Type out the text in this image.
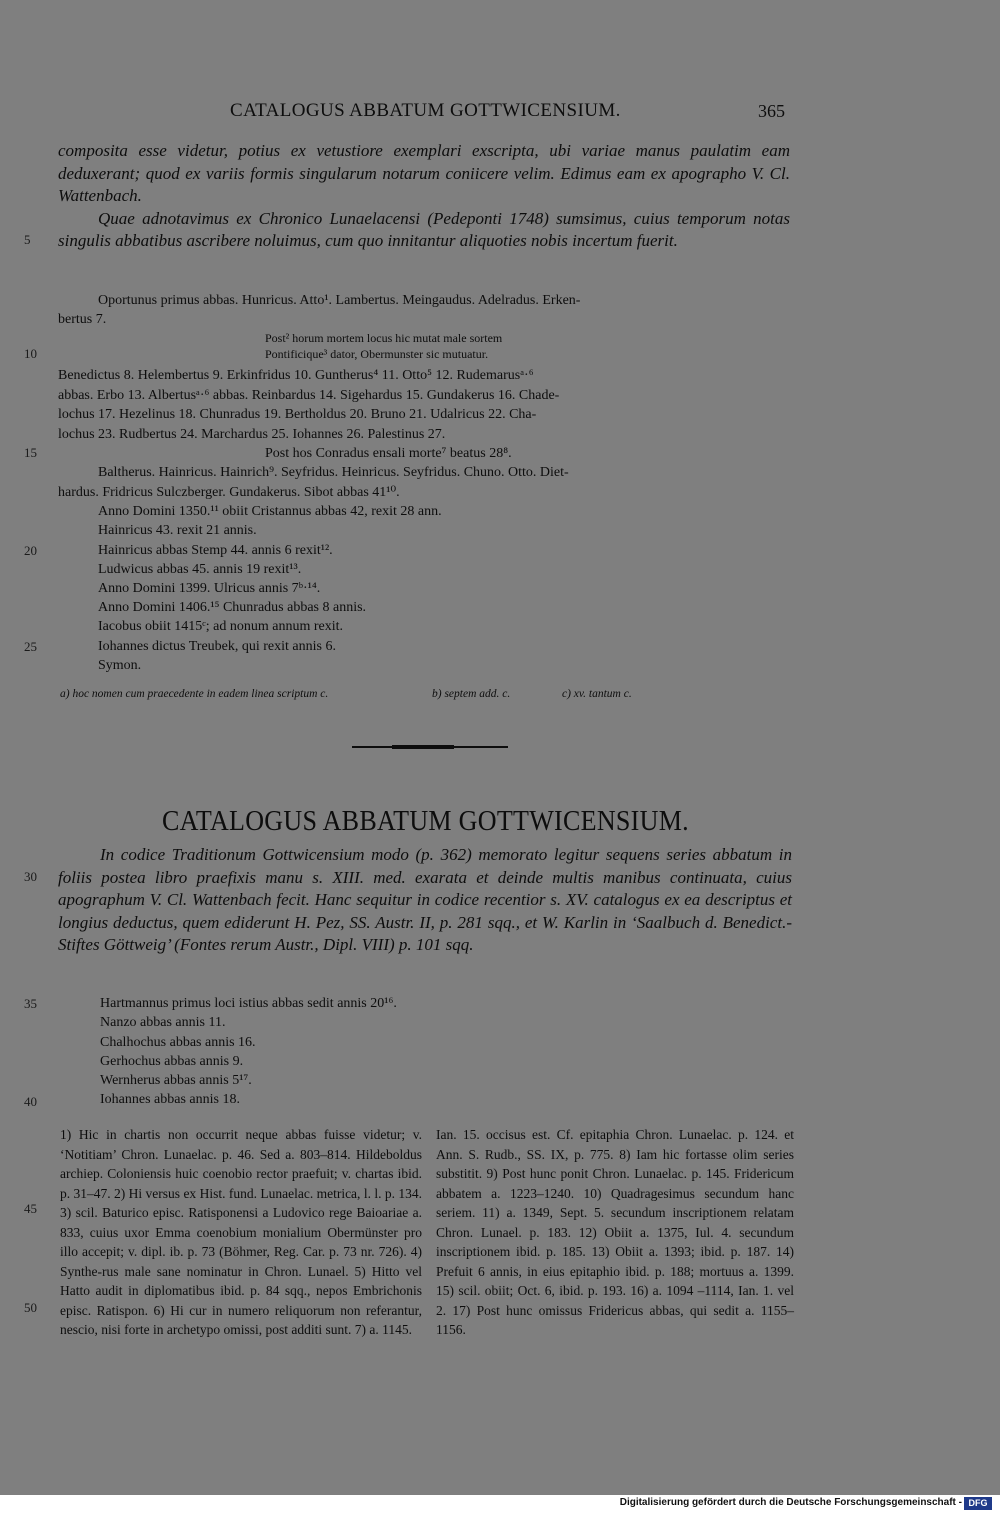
CATALOGUS ABBATUM GOTTWICENSIUM.	365

composita esse videtur, potius ex vetustiore exemplari exscripta, ubi variae manus paulatim eam deduxerant; quod ex variis formis singularum notarum coniicere velim. Edimus eam ex apographo V. Cl. Wattenbach.

Quae adnotavimus ex Chronico Lunaelacensi (Pedeponti 1748) sumsimus, cuius temporum notas singulis abbatibus ascribere noluimus, cum quo innitantur aliquoties nobis incertum fuerit.

5
10
15
20
25
30
35
40
45
50
Oportunus primus abbas. Hunricus. Atto¹. Lambertus. Meingaudus. Adelradus. Erken-
bertus 7.
Post² horum mortem locus hic mutat male sortem
Pontificique³ dator, Obermunster sic mutuatur.
Benedictus 8. Helembertus 9. Erkinfridus 10. Guntherus⁴ 11. Otto⁵ 12. Rudemarusᵃ·⁶
abbas. Erbo 13. Albertusᵃ·⁶ abbas. Reinbardus 14. Sigehardus 15. Gundakerus 16. Chade-
lochus 17. Hezelinus 18. Chunradus 19. Bertholdus 20. Bruno 21. Udalricus 22. Cha-
lochus 23. Rudbertus 24. Marchardus 25. Iohannes 26. Palestinus 27.
Post hos Conradus ensali morte⁷ beatus 28⁸.
Baltherus. Hainricus. Hainrich⁹. Seyfridus. Heinricus. Seyfridus. Chuno. Otto. Diet-
hardus. Fridricus Sulczberger. Gundakerus. Sibot abbas 41¹⁰.
Anno Domini 1350.¹¹ obiit Cristannus abbas 42, rexit 28 ann.
Hainricus 43. rexit 21 annis.
Hainricus abbas Stemp 44. annis 6 rexit¹².
Ludwicus abbas 45. annis 19 rexit¹³.
Anno Domini 1399. Ulricus annis 7ᵇ·¹⁴.
Anno Domini 1406.¹⁵ Chunradus abbas 8 annis.
Iacobus obiit 1415ᶜ; ad nonum annum rexit.
Iohannes dictus Treubek, qui rexit annis 6.
Symon.
a) hoc nomen cum praecedente in eadem linea scriptum c.	b) septem add. c.	c) xv. tantum c.
CATALOGUS ABBATUM GOTTWICENSIUM.
In codice Traditionum Gottwicensium modo (p. 362) memorato legitur sequens series abbatum in foliis postea libro praefixis manu s. XIII. med. exarata et deinde multis manibus continuata, cuius apographum V. Cl. Wattenbach fecit. Hanc sequitur in codice recentior s. XV. catalogus ex ea descriptus et longius deductus, quem ediderunt H. Pez, SS. Austr. II, p. 281 sqq., et W. Karlin in ‘Saalbuch d. Benedict.-Stiftes Göttweig’ (Fontes rerum Austr., Dipl. VIII) p. 101 sqq.
Hartmannus primus loci istius abbas sedit annis 20¹⁶.
Nanzo abbas annis 11.
Chalhochus abbas annis 16.
Gerhochus abbas annis 9.
Wernherus abbas annis 5¹⁷.
Iohannes abbas annis 18.
1) Hic in chartis non occurrit neque abbas fuisse videtur; v. ‘Notitiam’ Chron. Lunaelac. p. 46. Sed a. 803–814. Hildeboldus archiep. Coloniensis huic coenobio rector praefuit; v. chartas ibid. p. 31–47. 2) Hi versus ex Hist. fund. Lunaelac. metrica, l. l. p. 134. 3) scil. Baturico episc. Ratisponensi a Ludovico rege Baioariae a. 833, cuius uxor Emma coenobium monialium Obermünster pro illo accepit; v. dipl. ib. p. 73 (Böhmer, Reg. Car. p. 73 nr. 726). 4) Synthe-rus male sane nominatur in Chron. Lunael. 5) Hitto vel Hatto audit in diplomatibus ibid. p. 84 sqq., nepos Embrichonis episc. Ratispon. 6) Hi cur in numero reliquorum non referantur, nescio, nisi forte in archetypo omissi, post additi sunt. 7) a. 1145.
Ian. 15. occisus est. Cf. epitaphia Chron. Lunaelac. p. 124. et Ann. S. Rudb., SS. IX, p. 775. 8) Iam hic fortasse olim series substitit. 9) Post hunc ponit Chron. Lunaelac. p. 145. Fridericum abbatem a. 1223–1240. 10) Quadragesimus secundum hanc seriem. 11) a. 1349, Sept. 5. secundum inscriptionem relatam Chron. Lunael. p. 183. 12) Obiit a. 1375, Iul. 4. secundum inscriptionem ibid. p. 185. 13) Obiit a. 1393; ibid. p. 187. 14) Prefuit 6 annis, in eius epitaphio ibid. p. 188; mortuus a. 1399. 15) scil. obiit; Oct. 6, ibid. p. 193. 16) a. 1094 –1114, Ian. 1. vel 2. 17) Post hunc omissus Fridericus abbas, qui sedit a. 1155–1156.
Digitalisierung gefördert durch die Deutsche Forschungsgemeinschaft - DFG
